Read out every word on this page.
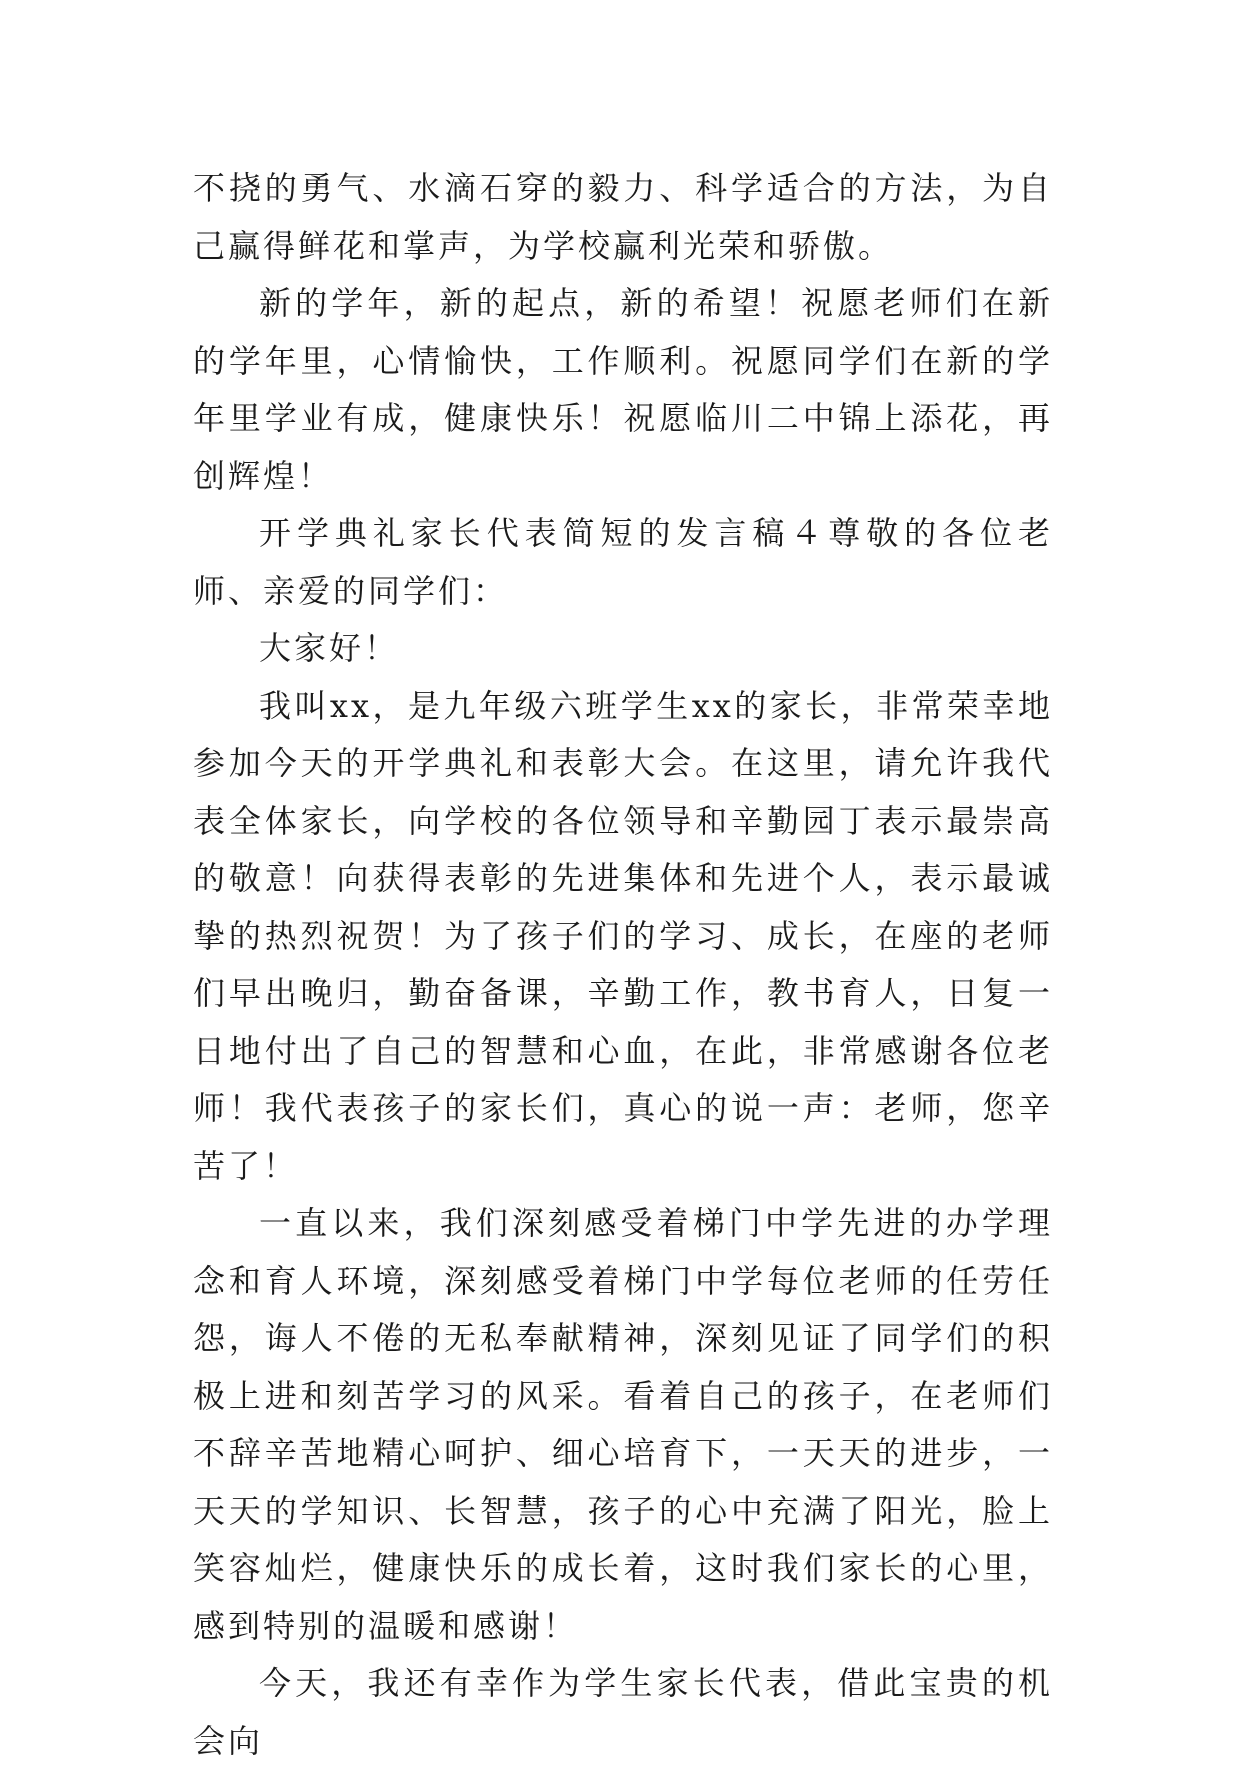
不挠的勇气、水滴石穿的毅力、科学适合的方法，为自己赢得鲜花和掌声，为学校赢利光荣和骄傲。

新的学年，新的起点，新的希望！祝愿老师们在新的学年里，心情愉快，工作顺利。祝愿同学们在新的学年里学业有成，健康快乐！祝愿临川二中锦上添花，再创辉煌！

开学典礼家长代表简短的发言稿４尊敬的各位老师、亲爱的同学们：

大家好！

我叫xx，是九年级六班学生xx的家长，非常荣幸地参加今天的开学典礼和表彰大会。在这里，请允许我代表全体家长，向学校的各位领导和辛勤园丁表示最崇高的敬意！向获得表彰的先进集体和先进个人，表示最诚挚的热烈祝贺！为了孩子们的学习、成长，在座的老师们早出晚归，勤奋备课，辛勤工作，教书育人，日复一日地付出了自己的智慧和心血，在此，非常感谢各位老师！我代表孩子的家长们，真心的说一声：老师，您辛苦了！

一直以来，我们深刻感受着梯门中学先进的办学理念和育人环境，深刻感受着梯门中学每位老师的任劳任怨，诲人不倦的无私奉献精神，深刻见证了同学们的积极上进和刻苦学习的风采。看着自己的孩子，在老师们不辞辛苦地精心呵护、细心培育下，一天天的进步，一天天的学知识、长智慧，孩子的心中充满了阳光，脸上笑容灿烂，健康快乐的成长着，这时我们家长的心里，感到特别的温暖和感谢！

今天，我还有幸作为学生家长代表，借此宝贵的机会向
